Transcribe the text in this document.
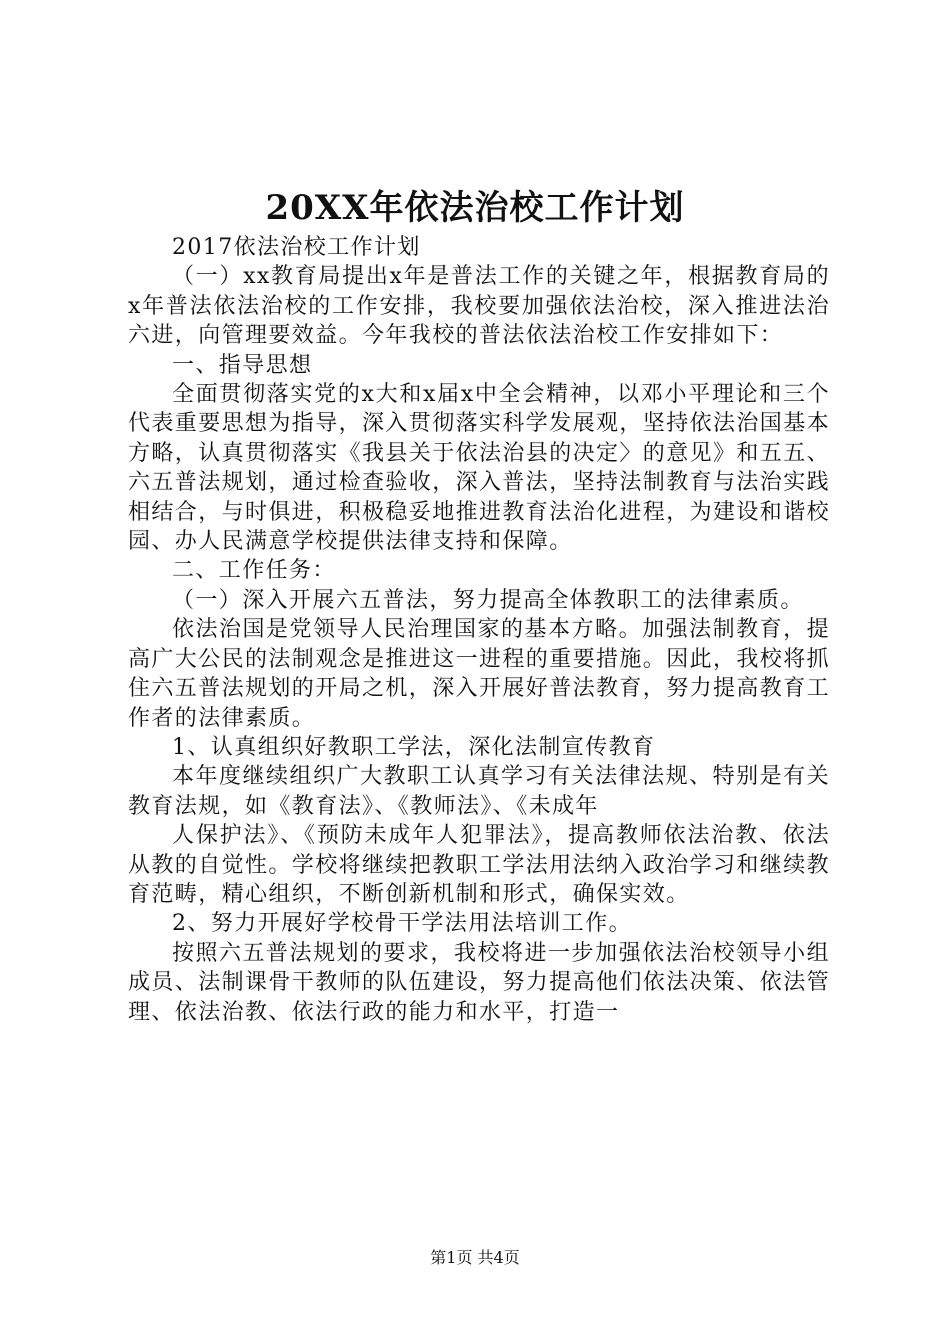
20XX年依法治校工作计划

2017依法治校工作计划

（一）xx教育局提出x年是普法工作的关键之年，根据教育局的x年普法依法治校的工作安排，我校要加强依法治校，深入推进法治六进，向管理要效益。今年我校的普法依法治校工作安排如下：

一、指导思想

全面贯彻落实党的x大和x届x中全会精神，以邓小平理论和三个代表重要思想为指导，深入贯彻落实科学发展观，坚持依法治国基本方略，认真贯彻落实《我县关于依法治县的决定〉的意见》和五五、六五普法规划，通过检查验收，深入普法，坚持法制教育与法治实践相结合，与时俱进，积极稳妥地推进教育法治化进程，为建设和谐校园、办人民满意学校提供法律支持和保障。

二、工作任务：

（一）深入开展六五普法，努力提高全体教职工的法律素质。

依法治国是党领导人民治理国家的基本方略。加强法制教育，提高广大公民的法制观念是推进这一进程的重要措施。因此，我校将抓住六五普法规划的开局之机，深入开展好普法教育，努力提高教育工作者的法律素质。

1、认真组织好教职工学法，深化法制宣传教育

本年度继续组织广大教职工认真学习有关法律法规、特别是有关教育法规，如《教育法》、《教师法》、《未成年

人保护法》、《预防未成年人犯罪法》，提高教师依法治教、依法从教的自觉性。学校将继续把教职工学法用法纳入政治学习和继续教育范畴，精心组织，不断创新机制和形式，确保实效。

2、努力开展好学校骨干学法用法培训工作。

按照六五普法规划的要求，我校将进一步加强依法治校领导小组成员、法制课骨干教师的队伍建设，努力提高他们依法决策、依法管理、依法治教、依法行政的能力和水平，打造一

第1页 共4页
